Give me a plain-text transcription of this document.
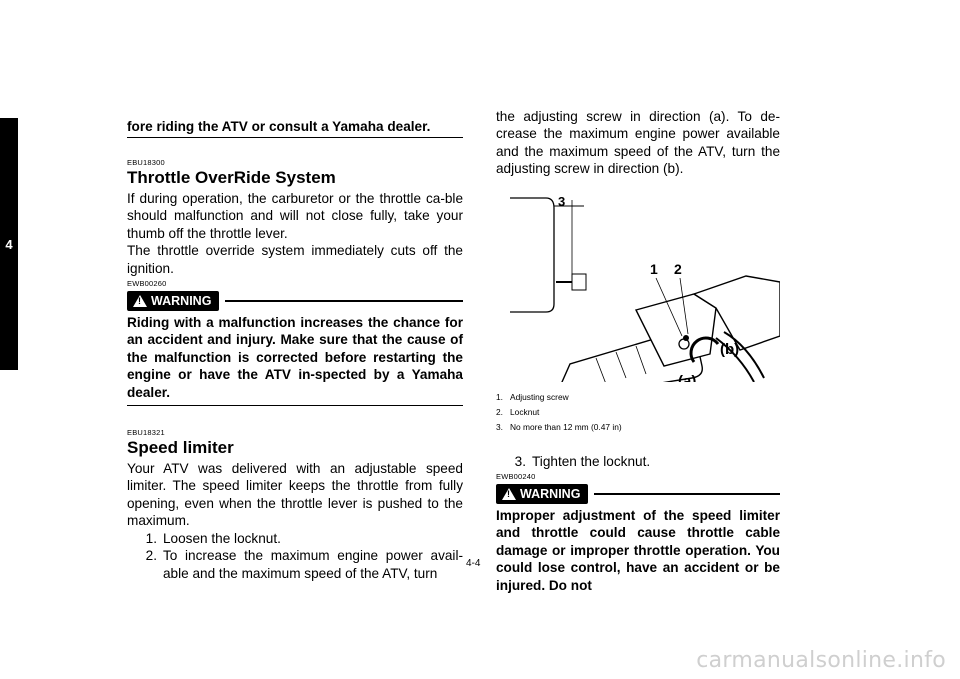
4
fore riding the ATV or consult a Yamaha dealer.
EBU18300
Throttle OverRide System

If during operation, the carburetor or the throttle ca-ble should malfunction and will not close fully, take your thumb off the throttle lever.

The throttle override system immediately cuts off the ignition.

EWB00260
!
WARNING
Riding with a malfunction increases the chance for an accident and injury. Make sure that the cause of the malfunction is corrected before restarting the engine or have the ATV in-spected by a Yamaha dealer.
EBU18321
Speed limiter

Your ATV was delivered with an adjustable speed limiter. The speed limiter keeps the throttle from fully opening, even when the throttle lever is pushed to the maximum.

1. Loosen the locknut.
2. To increase the maximum engine power avail-able and the maximum speed of the ATV, turn

the adjusting screw in direction (a). To de-crease the maximum engine power available and the maximum speed of the ATV, turn the adjusting screw in direction (b).

3
1 2
(b)
(a)
1. Adjusting screw
2. Locknut
3. No more than 12 mm (0.47 in)
3. Tighten the locknut.
EWB00240
!
WARNING
Improper adjustment of the speed limiter and throttle could cause throttle cable damage or improper throttle operation. You could lose control, have an accident or be injured. Do not
4-4
carmanualsonline.info
